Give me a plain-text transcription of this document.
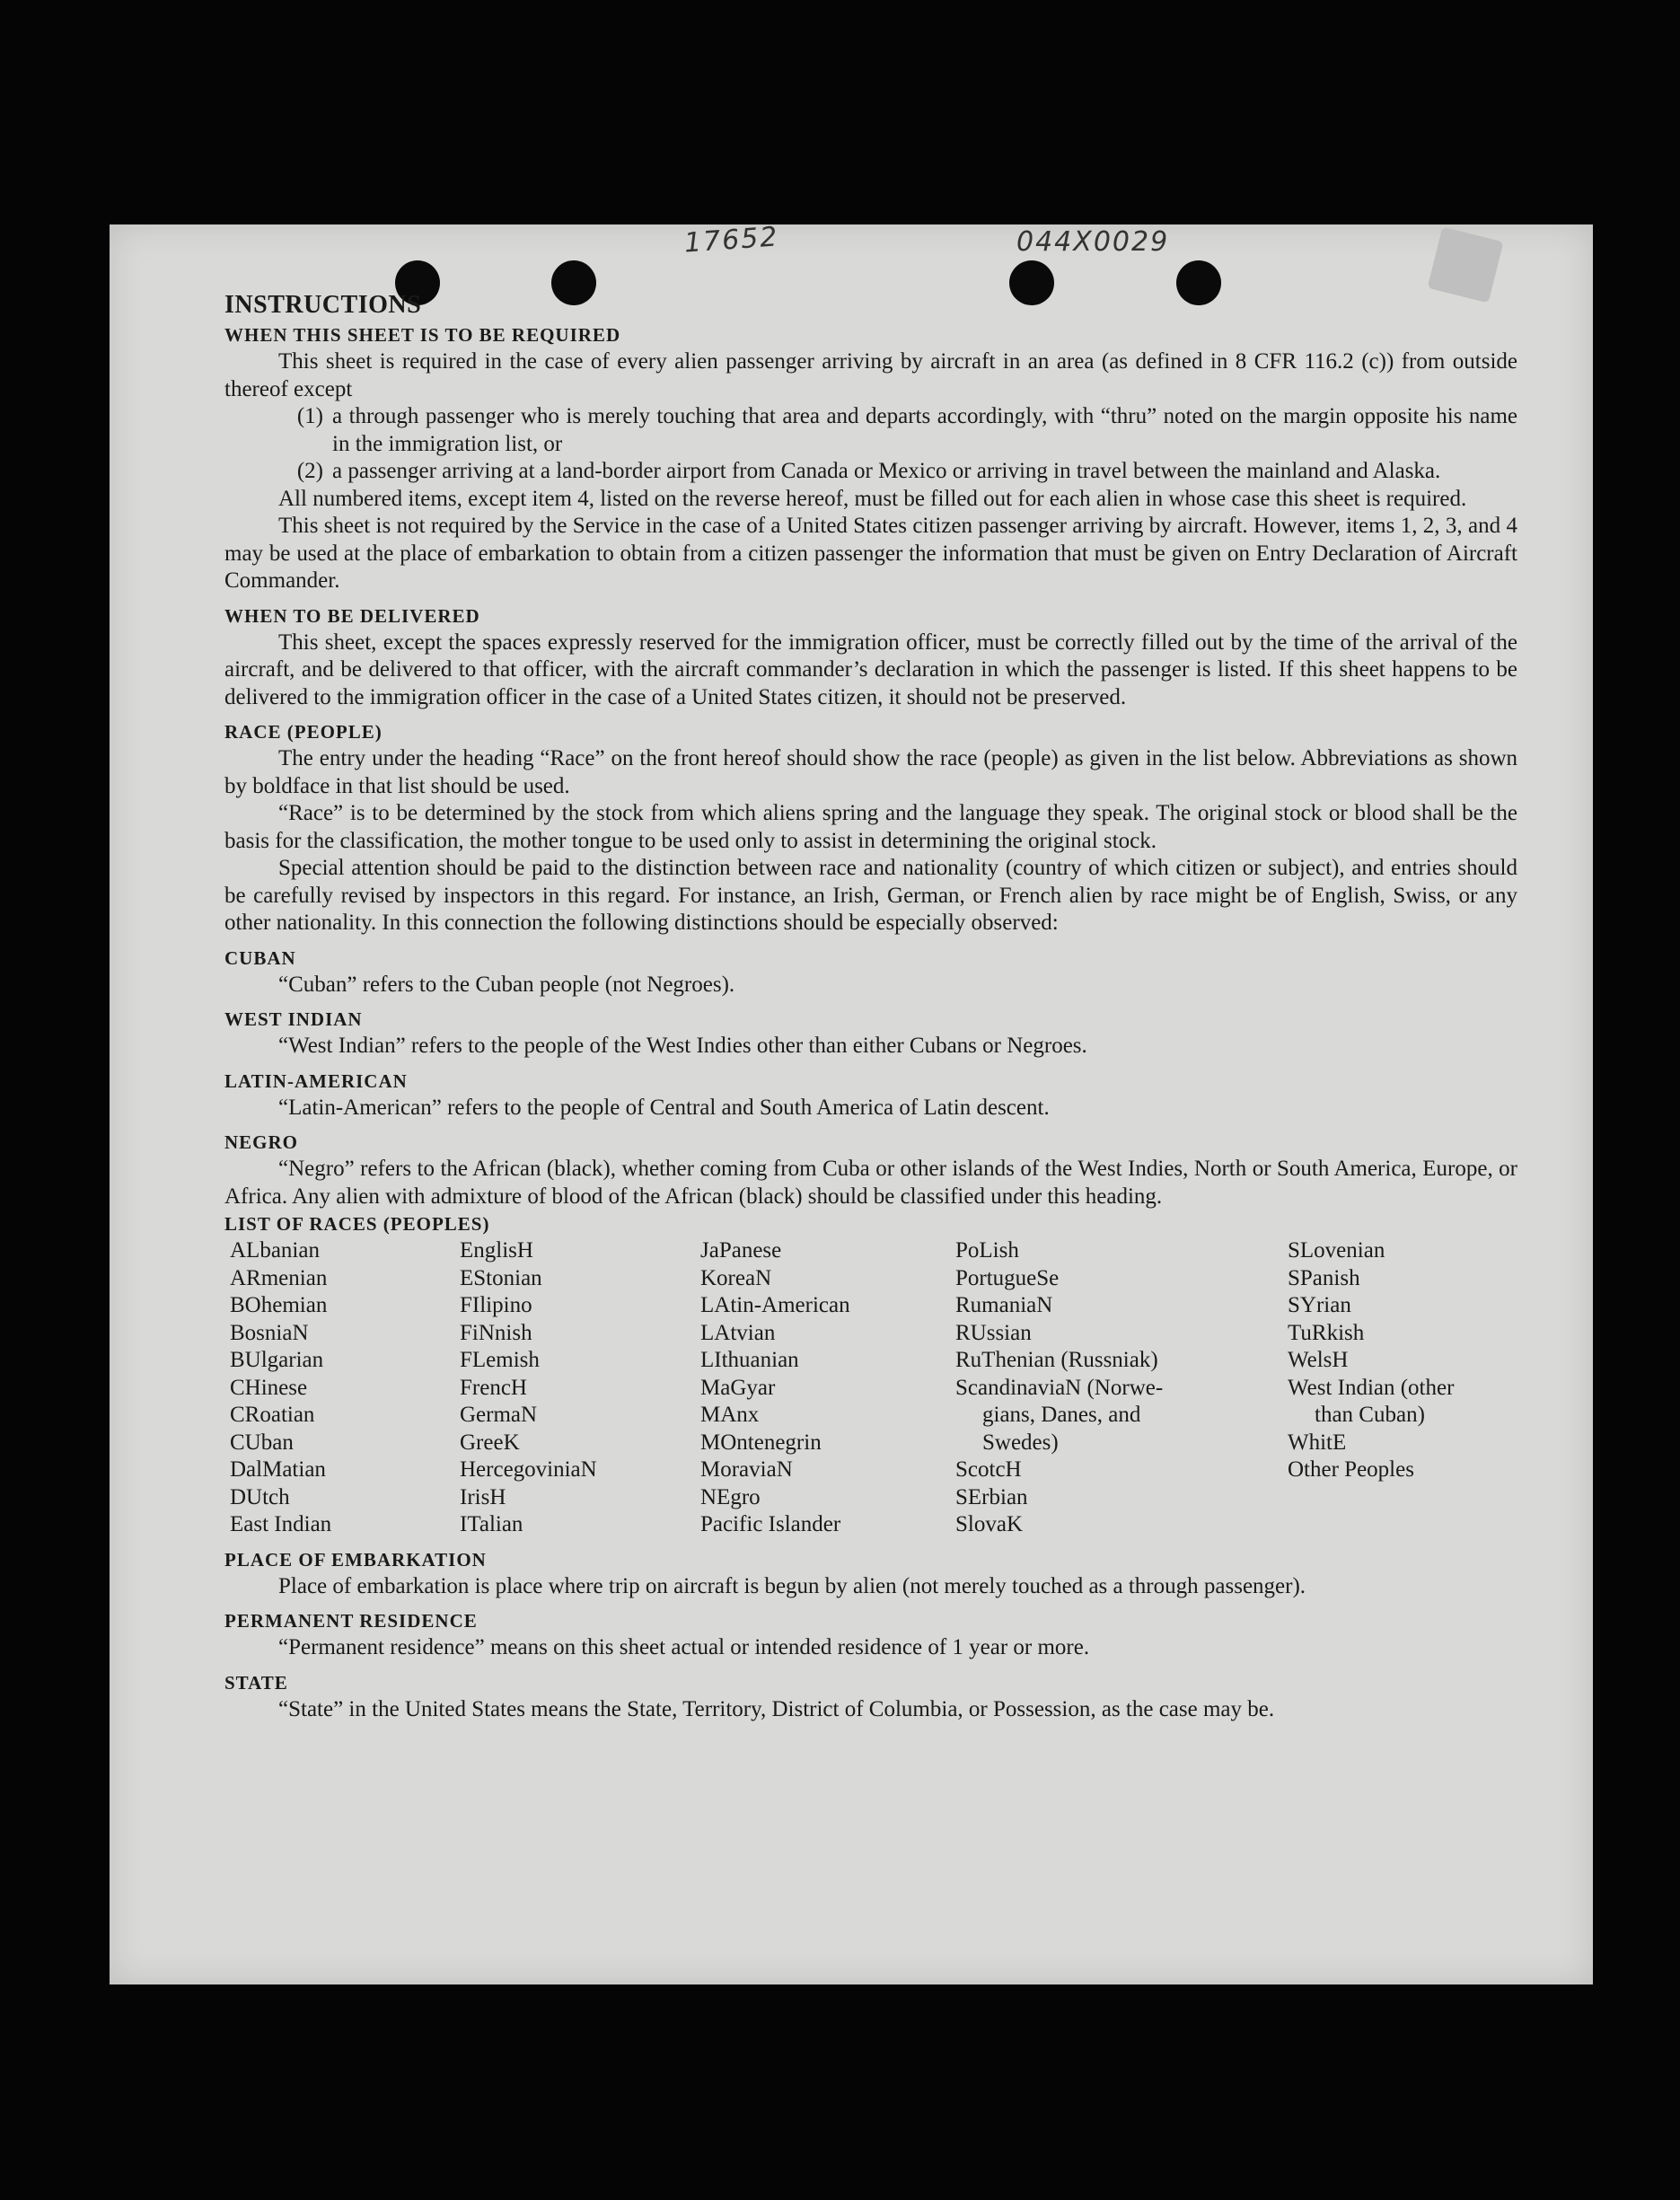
17652	044X0029

INSTRUCTIONS

WHEN THIS SHEET IS TO BE REQUIRED

This sheet is required in the case of every alien passenger arriving by aircraft in an area (as defined in 8 CFR 116.2 (c)) from outside thereof except

(1) a through passenger who is merely touching that area and departs accordingly, with “thru” noted on the margin opposite his name in the immigration list, or
(2) a passenger arriving at a land-border airport from Canada or Mexico or arriving in travel between the mainland and Alaska.

All numbered items, except item 4, listed on the reverse hereof, must be filled out for each alien in whose case this sheet is required.

This sheet is not required by the Service in the case of a United States citizen passenger arriving by aircraft. However, items 1, 2, 3, and 4 may be used at the place of embarkation to obtain from a citizen passenger the information that must be given on Entry Declaration of Aircraft Commander.

WHEN TO BE DELIVERED

This sheet, except the spaces expressly reserved for the immigration officer, must be correctly filled out by the time of the arrival of the aircraft, and be delivered to that officer, with the aircraft commander’s declaration in which the passenger is listed. If this sheet happens to be delivered to the immigration officer in the case of a United States citizen, it should not be preserved.

RACE (PEOPLE)

The entry under the heading “Race” on the front hereof should show the race (people) as given in the list below. Abbreviations as shown by boldface in that list should be used.

“Race” is to be determined by the stock from which aliens spring and the language they speak. The original stock or blood shall be the basis for the classification, the mother tongue to be used only to assist in determining the original stock.

Special attention should be paid to the distinction between race and nationality (country of which citizen or subject), and entries should be carefully revised by inspectors in this regard. For instance, an Irish, German, or French alien by race might be of English, Swiss, or any other nationality. In this connection the following distinctions should be especially observed:

CUBAN

“Cuban” refers to the Cuban people (not Negroes).

WEST INDIAN

“West Indian” refers to the people of the West Indies other than either Cubans or Negroes.

LATIN-AMERICAN

“Latin-American” refers to the people of Central and South America of Latin descent.

NEGRO

“Negro” refers to the African (black), whether coming from Cuba or other islands of the West Indies, North or South America, Europe, or Africa. Any alien with admixture of blood of the African (black) should be classified under this heading.

LIST OF RACES (PEOPLES)

ALbanian
ARmenian
BOhemian
BosniaN
BUlgarian
CHinese
CRoatian
CUban
DalMatian
DUtch
East Indian
EnglisH
EStonian
FIlipino
FiNnish
FLemish
FrencH
GermaN
GreeK
HercegoviniaN
IrisH
ITalian
JaPanese
KoreaN
LAtin-American
LAtvian
LIthuanian
MaGyar
MAnx
MOntenegrin
MoraviaN
NEgro
Pacific Islander
PoLish
PortugueSe
RumaniaN
RUssian
RuThenian (Russniak)
ScandinaviaN (Norwe-
gians, Danes, and
Swedes)
ScotcH
SErbian
SlovaK
SLovenian
SPanish
SYrian
TuRkish
WelsH
West Indian (other
than Cuban)
WhitE
Other Peoples

PLACE OF EMBARKATION

Place of embarkation is place where trip on aircraft is begun by alien (not merely touched as a through passenger).

PERMANENT RESIDENCE

“Permanent residence” means on this sheet actual or intended residence of 1 year or more.

STATE

“State” in the United States means the State, Territory, District of Columbia, or Possession, as the case may be.
